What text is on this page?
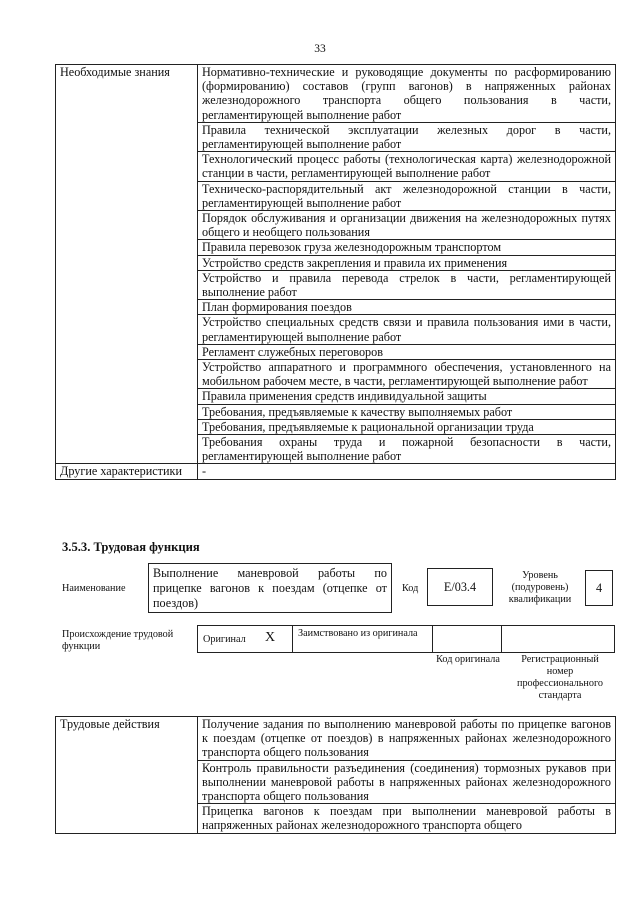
33
Необходимые знания	Нормативно-технические и руководящие документы по расформированию (формированию) составов (групп вагонов) в напряженных районах железнодорожного транспорта общего пользования в части, регламентирующей выполнение работ
	Правила технической эксплуатации железных дорог в части, регламентирующей выполнение работ
	Технологический процесс работы (технологическая карта) железнодорожной станции в части, регламентирующей выполнение работ
	Техническо-распорядительный акт железнодорожной станции в части, регламентирующей выполнение работ
	Порядок обслуживания и организации движения на железнодорожных путях общего и необщего пользования
	Правила перевозок груза железнодорожным транспортом
	Устройство средств закрепления и правила их применения
	Устройство и правила перевода стрелок в части, регламентирующей выполнение работ
	План формирования поездов
	Устройство специальных средств связи и правила пользования ими в части, регламентирующей выполнение работ
	Регламент служебных переговоров
	Устройство аппаратного и программного обеспечения, установленного на мобильном рабочем месте, в части, регламентирующей выполнение работ
	Правила применения средств индивидуальной защиты
	Требования, предъявляемые к качеству выполняемых работ
	Требования, предъявляемые к рациональной организации труда
	Требования охраны труда и пожарной безопасности в части, регламентирующей выполнение работ
Другие характеристики	-
3.5.3. Трудовая функция
Наименование
Выполнение маневровой работы по прицепке вагонов к поездам (отцепке от поездов)
Код	E/03.4
Уровень (подуровень) квалификации
4
Происхождение трудовой функции
Оригинал X Заимствовано из оригинала
Код оригинала	Регистрационный номер профессионального стандарта
Трудовые действия	Получение задания по выполнению маневровой работы по прицепке вагонов к поездам (отцепке от поездов) в напряженных районах железнодорожного транспорта общего пользования
Контроль правильности разъединения (соединения) тормозных рукавов при выполнении маневровой работы в напряженных районах железнодорожного транспорта общего пользования
Прицепка вагонов к поездам при выполнении маневровой работы в напряженных районах железнодорожного транспорта общего
